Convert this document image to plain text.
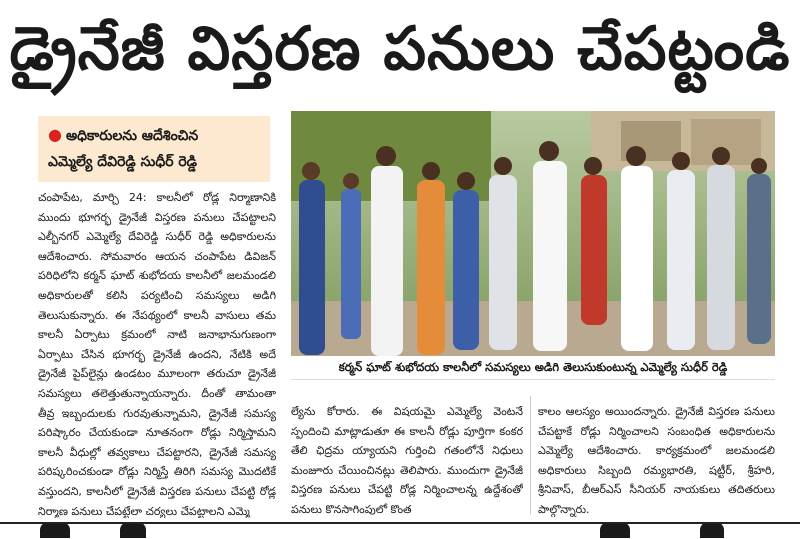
డ్రైనేజీ విస్తరణ పనులు చేపట్టండి
● అధికారులను ఆదేశించిన
ఎమ్మెల్యే దేవిరెడ్డి సుధీర్ రెడ్డి
చంపాపేట, మార్చి 24: కాలనీలో రోడ్ల నిర్మాణానికి ముందు భూగర్భ డ్రైనేజీ విస్తరణ పనులు చేపట్టాలని ఎల్బీనగర్ ఎమ్మెల్యే దేవిరెడ్డి సుధీర్ రెడ్డి అధికారులను ఆదేశించారు. సోమవారం ఆయన చంపాపేట డివిజన్ పరిధిలోని కర్మన్ ఘాట్ శుభోదయ కాలనీలో జలమండలి అధికారులతో కలిసి పర్యటించి సమస్యలు అడిగి తెలుసుకున్నారు. ఈ నేపథ్యంలో కాలనీ వాసులు తమ కాలనీ ఏర్పాటు క్రమంలో నాటి జనాభానుగుణంగా ఏర్పాటు చేసిన భూగర్భ డ్రైనేజీ ఉందని, నేటికి అదే డ్రైనేజీ పైప్‌లైన్లు ఉండటం మూలంగా తరుచూ డ్రైనేజీ సమస్యలు తలెత్తుతున్నాయన్నారు. దీంతో తామంతా తీవ్ర ఇబ్బందులకు గురవుతున్నామని, డ్రైనేజీ సమస్య పరిష్కారం చేయకుండా నూతనంగా రోడ్లు నిర్మిస్తామని కాలనీ వీధుల్లో తవ్వకాలు చేపట్టారని, డ్రైనేజీ సమస్య పరిష్కరించకుండా రోడ్లు నిర్మిస్తే తిరిగి సమస్య మొదటికే వస్తుందని, కాలనీలో డ్రైనేజీ విస్తరణ పనులు చేపట్టి రోడ్ల నిర్మాణ పనులు చేపట్టేలా చర్యలు చేపట్టాలని ఎమ్మె
కర్మన్ ఘాట్ శుభోదయ కాలనీలో సమస్యలు అడిగి తెలుసుకుంటున్న ఎమ్మెల్యే సుధీర్ రెడ్డి
ల్యేను కోరారు. ఈ విషయమై ఎమ్మెల్యే వెంటనే స్పందించి మాట్లాడుతూ ఈ కాలనీ రోడ్లు పూర్తిగా కంకర తేలి ఛిద్రమ య్యాయని గుర్తించి గతంలోనే నిధులు మంజూరు చేయించినట్లు తెలిపారు. ముందుగా డ్రైనేజీ విస్తరణ పనులు చేపట్టి రోడ్ల నిర్మించాలన్న ఉద్దేశంతో పనులు కొనసాగింపులో కొంత
కాలం ఆలస్యం అయిందన్నారు. డ్రైనేజీ విస్తరణ పనులు చేపట్టాకే రోడ్లు నిర్మించాలని సంబంధిత అధికారులను ఎమ్మెల్యే ఆదేశించారు. కార్యక్రమంలో జలమండలి అధికారులు సిబ్బంది రమ్యభారతి, షట్టీర్, శ్రీహరి, శ్రీనివాస్, బీఆర్ఎస్ సీనియర్ నాయకులు తదితరులు పాల్గొన్నారు.
